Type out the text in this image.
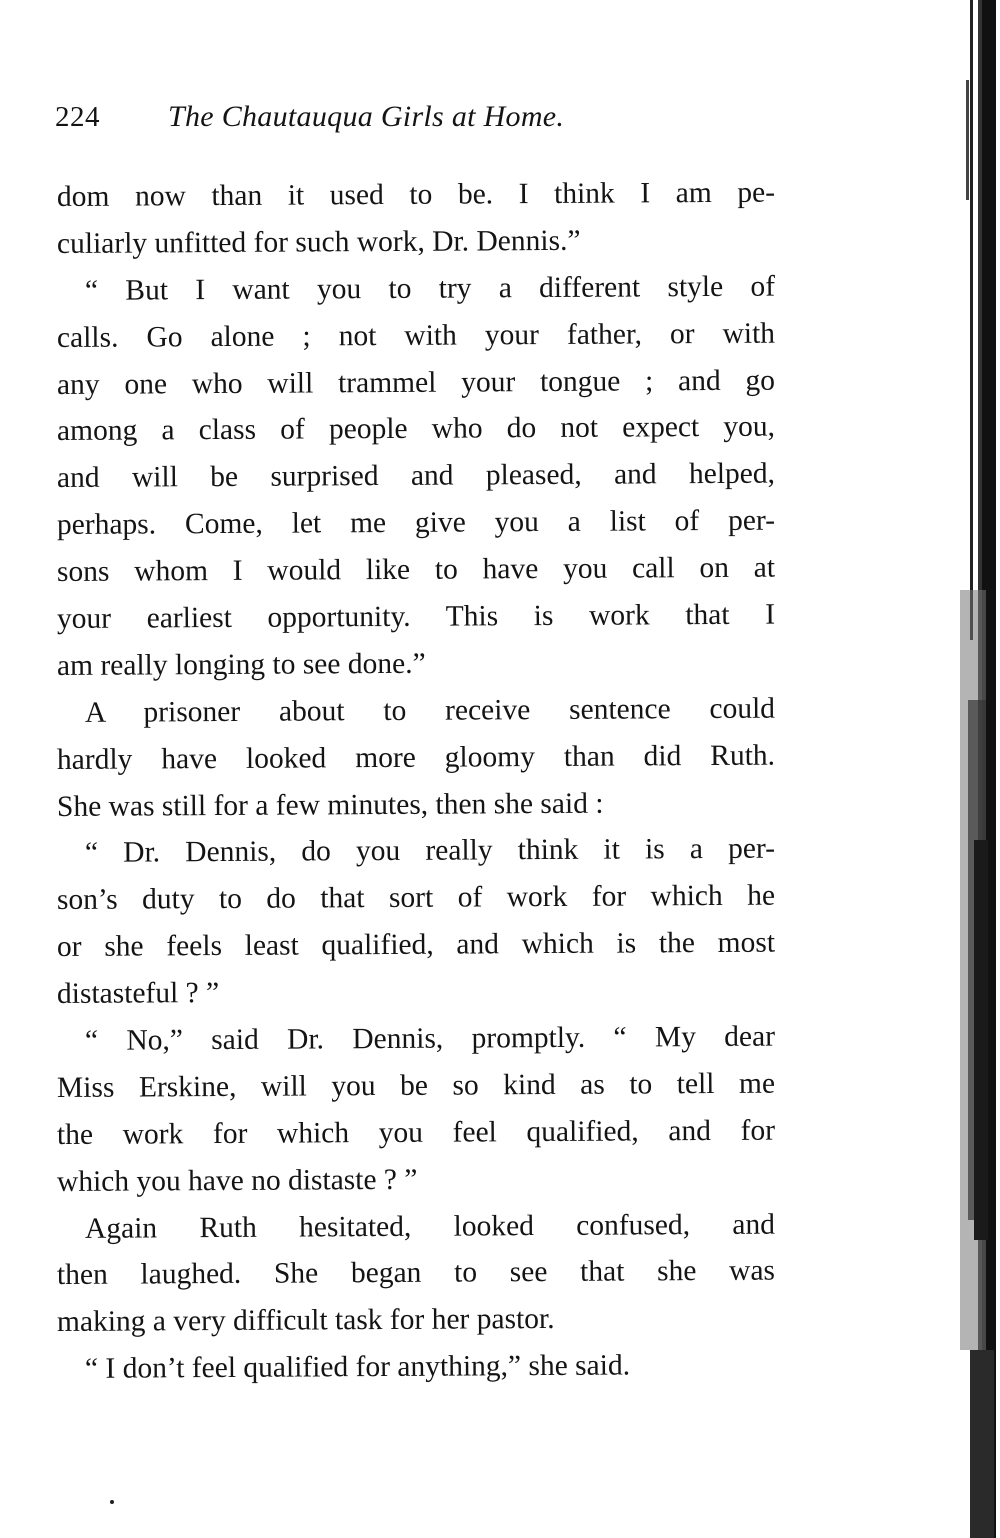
224 The Chautauqua Girls at Home.
dom now than it used to be. I think I am pe-
culiarly unfitted for such work, Dr. Dennis.”
“ But I want you to try a different style of
calls. Go alone ; not with your father, or with
any one who will trammel your tongue ; and go
among a class of people who do not expect you,
and will be surprised and pleased, and helped,
perhaps. Come, let me give you a list of per-
sons whom I would like to have you call on at
your earliest opportunity. This is work that I
am really longing to see done.”
A prisoner about to receive sentence could
hardly have looked more gloomy than did Ruth.
She was still for a few minutes, then she said :
“ Dr. Dennis, do you really think it is a per-
son’s duty to do that sort of work for which he
or she feels least qualified, and which is the most
distasteful ? ”
“ No,” said Dr. Dennis, promptly. “ My dear
Miss Erskine, will you be so kind as to tell me
the work for which you feel qualified, and for
which you have no distaste ? ”
Again Ruth hesitated, looked confused, and
then laughed. She began to see that she was
making a very difficult task for her pastor.
“ I don’t feel qualified for anything,” she said.
